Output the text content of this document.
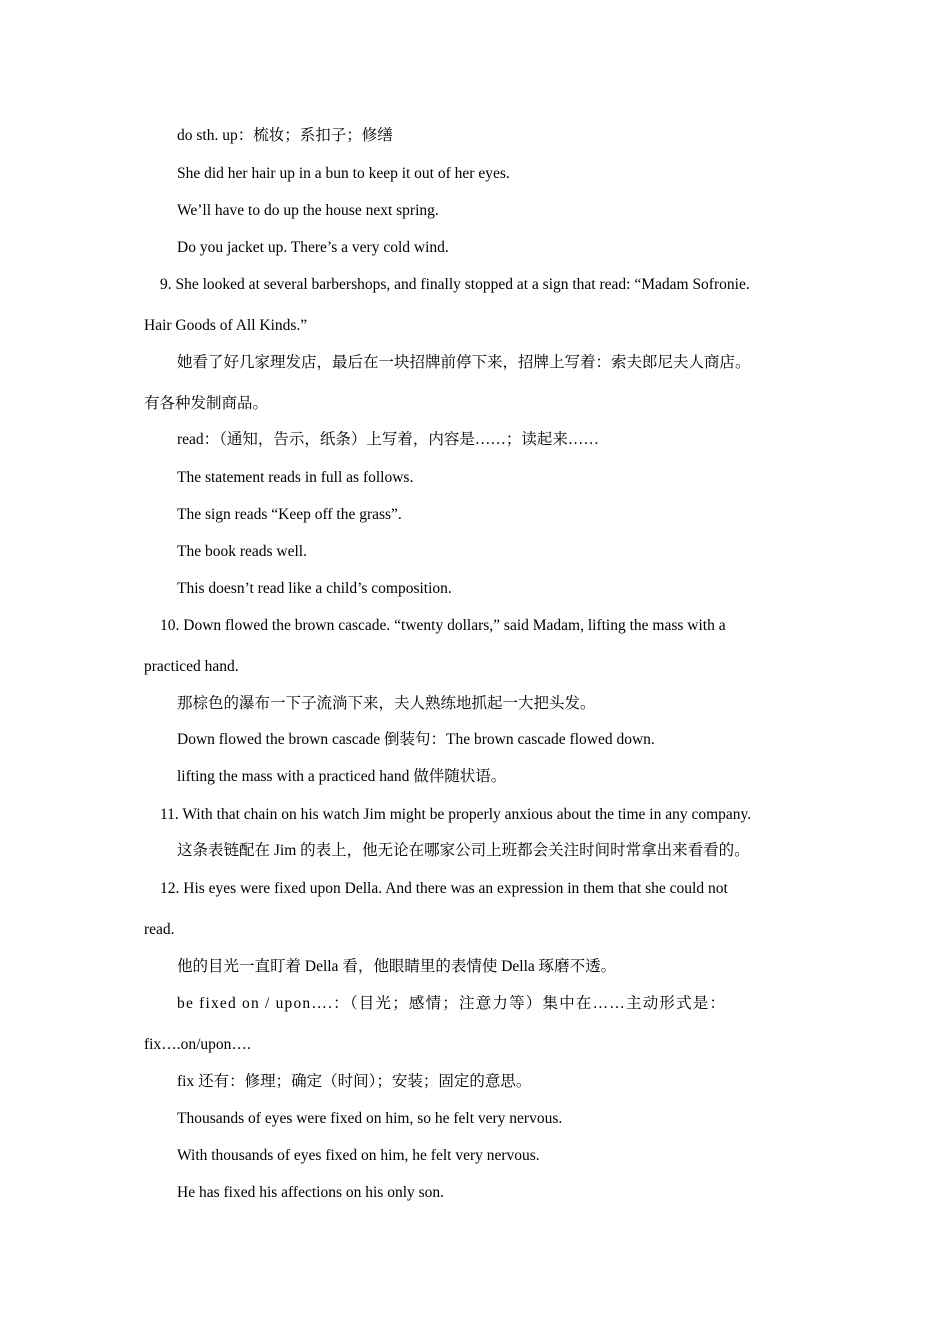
do sth. up：梳妆；系扣子；修缮
She did her hair up in a bun to keep it out of her eyes.
We’ll have to do up the house next spring.
Do you jacket up. There’s a very cold wind.
9. She looked at several barbershops, and finally stopped at a sign that read: “Madam Sofronie.
Hair Goods of All Kinds.”
她看了好几家理发店，最后在一块招牌前停下来，招牌上写着：索夫郎尼夫人商店。
有各种发制商品。
read：（通知，告示，纸条）上写着，内容是……；读起来……
The statement reads in full as follows.
The sign reads “Keep off the grass”.
The book reads well.
This doesn’t read like a child’s composition.
10. Down flowed the brown cascade. “twenty dollars,” said Madam, lifting the mass with a
practiced hand.
那棕色的瀑布一下子流淌下来，夫人熟练地抓起一大把头发。
Down flowed the brown cascade 倒装句：The brown cascade flowed down.
lifting the mass with a practiced hand 做伴随状语。
11. With that chain on his watch Jim might be properly anxious about the time in any company.
这条表链配在 Jim 的表上，他无论在哪家公司上班都会关注时间时常拿出来看看的。
12. His eyes were fixed upon Della. And there was an expression in them that she could not
read.
他的目光一直盯着 Della 看，他眼睛里的表情使 Della 琢磨不透。
be fixed on / upon….：（目光；感情；注意力等）集中在……主动形式是：
fix….on/upon….
fix 还有：修理；确定（时间）；安装；固定的意思。
Thousands of eyes were fixed on him, so he felt very nervous.
With thousands of eyes fixed on him, he felt very nervous.
He has fixed his affections on his only son.
